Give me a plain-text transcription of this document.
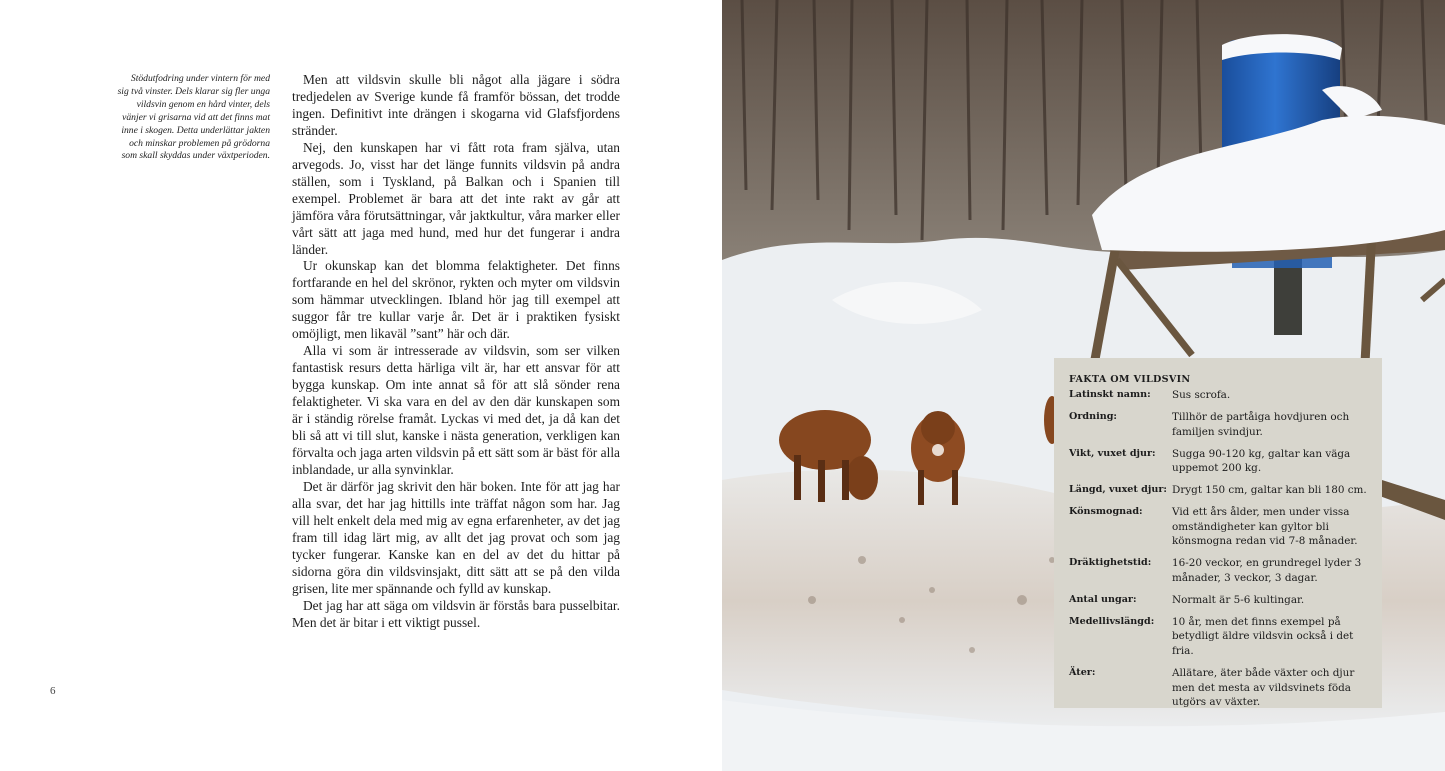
Stödutfodring under vintern för med

sig två vinster. Dels klarar sig fler unga

vildsvin genom en hård vinter, dels

vänjer vi grisarna vid att det finns mat

inne i skogen. Detta underlättar jakten

och minskar problemen på grödorna

som skall skyddas under växtperioden.

Men att vildsvin skulle bli något alla jägare i södra tredjedelen av Sverige kunde få framför bössan, det trodde ingen. Definitivt inte drängen i skogarna vid Glafsfjordens stränder.

Nej, den kunskapen har vi fått rota fram själva, utan arvegods. Jo, visst har det länge funnits vildsvin på andra ställen, som i Tyskland, på Balkan och i Spanien till exempel. Problemet är bara att det inte rakt av går att jämföra våra förutsättningar, vår jaktkultur, våra marker eller vårt sätt att jaga med hund, med hur det fungerar i andra länder.

Ur okunskap kan det blomma felaktigheter. Det finns fortfarande en hel del skrönor, rykten och myter om vildsvin som hämmar utvecklingen. Ibland hör jag till exempel att suggor får tre kullar varje år. Det är i praktiken fysiskt omöjligt, men likaväl ”sant” här och där.

Alla vi som är intresserade av vildsvin, som ser vilken fantastisk resurs detta härliga vilt är, har ett ansvar för att bygga kunskap. Om inte annat så för att slå sönder rena felaktigheter. Vi ska vara en del av den där kunskapen som är i ständig rörelse framåt. Lyckas vi med det, ja då kan det bli så att vi till slut, kanske i nästa generation, verkligen kan förvalta och jaga arten vildsvin på ett sätt som är bäst för alla inblandade, ur alla synvinklar.

Det är därför jag skrivit den här boken. Inte för att jag har alla svar, det har jag hittills inte träffat någon som har. Jag vill helt enkelt dela med mig av egna erfarenheter, av det jag fram till idag lärt mig, av allt det jag provat och som jag tycker fungerar. Kanske kan en del av det du hittar på sidorna göra din vildsvinsjakt, ditt sätt att se på den vilda grisen, lite mer spännande och fylld av kunskap.

Det jag har att säga om vildsvin är förstås bara pusselbitar. Men det är bitar i ett viktigt pussel.

6
FAKTA OM VILDSVIN
Latinskt namn:	Sus scrofa.
Ordning:	Tillhör de partåiga hovdjuren och familjen svindjur.
Vikt, vuxet djur:	Sugga 90-120 kg, galtar kan väga uppemot 200 kg.
Längd, vuxet djur: Drygt 150 cm, galtar kan bli 180 cm.
Könsmognad:	Vid ett års ålder, men under vissa omständigheter kan gyltor bli könsmogna redan vid 7-8 månader.
Dräktighetstid:	16-20 veckor, en grundregel lyder 3 månader, 3 veckor, 3 dagar.
Antal ungar:	Normalt är 5-6 kultingar.
Medellivslängd:	10 år, men det finns exempel på betydligt äldre vildsvin också i det fria.
Äter:	Allätare, äter både växter och djur men det mesta av vildsvinets föda utgörs av växter.
